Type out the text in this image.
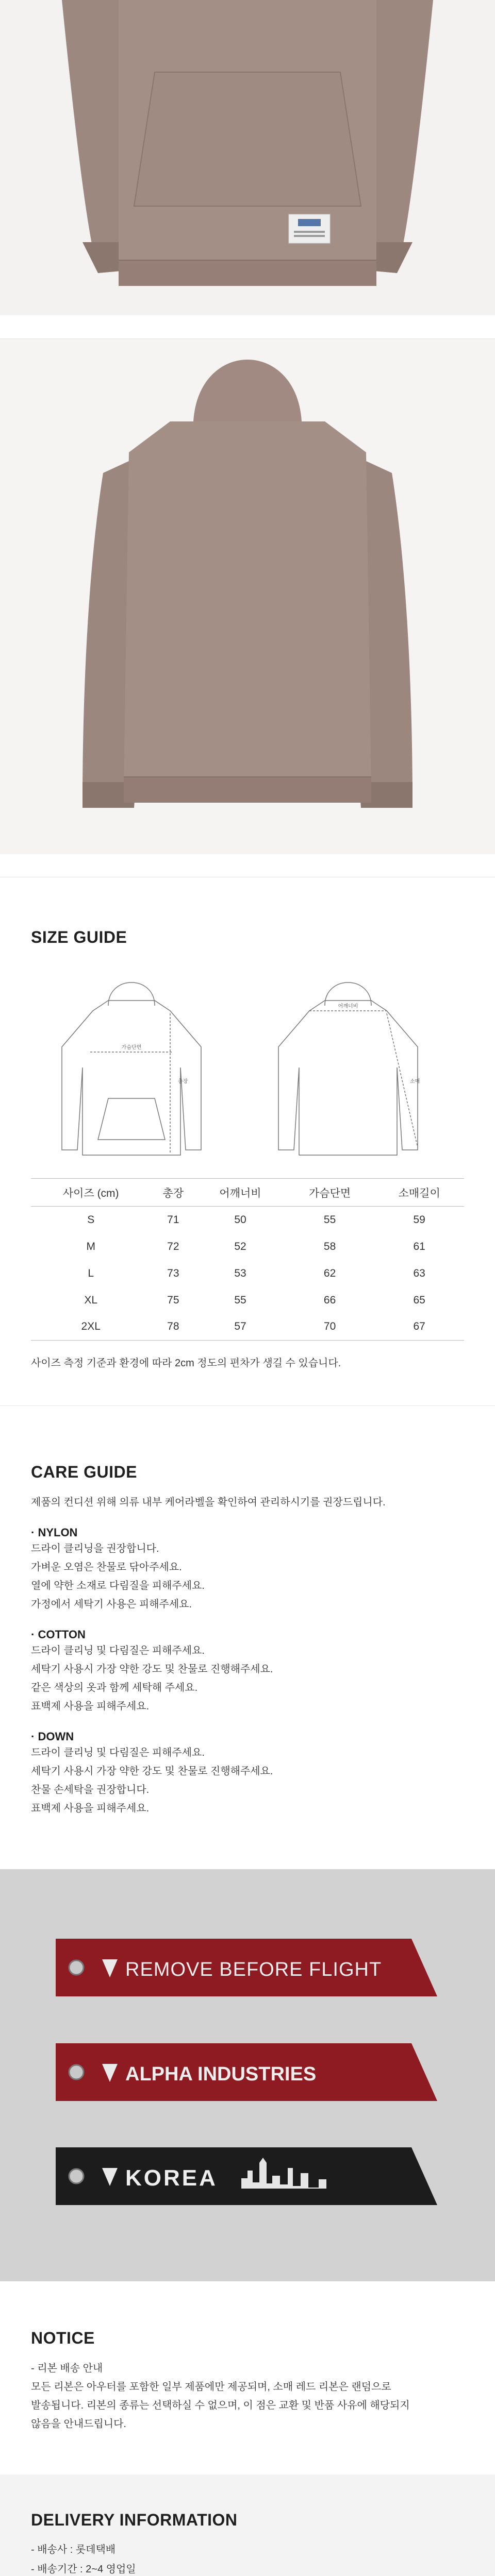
SIZE GUIDE
가슴단면
총장
어깨너비
소매
사이즈 (cm)	총장	어깨너비	가슴단면	소매길이
S	71	50	55	59
M	72	52	58	61
L	73	53	62	63
XL	75	55	66	65
2XL	78	57	70	67
사이즈 측정 기준과 환경에 따라 2cm 정도의 편차가 생길 수 있습니다.
CARE GUIDE
제품의 컨디션 위해 의류 내부 케어라벨을 확인하여 관리하시기를 권장드립니다.
· NYLON
드라이 클리닝을 권장합니다.
가벼운 오염은 찬물로 닦아주세요.
열에 약한 소재로 다림질을 피해주세요.
가정에서 세탁기 사용은 피해주세요.
· COTTON
드라이 클리닝 및 다림질은 피해주세요.
세탁기 사용시 가장 약한 강도 및 찬물로 진행해주세요.
같은 색상의 옷과 함께 세탁해 주세요.
표백제 사용을 피해주세요.
· DOWN
드라이 클리닝 및 다림질은 피해주세요.
세탁기 사용시 가장 약한 강도 및 찬물로 진행해주세요.
찬물 손세탁을 권장합니다.
표백제 사용을 피해주세요.
REMOVE BEFORE FLIGHT
ALPHA INDUSTRIES
KOREA
NOTICE
- 리본 배송 안내
모든 리본은 아우터를 포함한 일부 제품에만 제공되며, 소매 레드 리본은 랜덤으로
발송됩니다. 리본의 종류는 선택하실 수 없으며, 이 점은 교환 및 반품 사유에 해당되지
않음을 안내드립니다.
DELIVERY INFORMATION
- 배송사 : 롯데택배
- 배송기간 : 2~4 영업일
